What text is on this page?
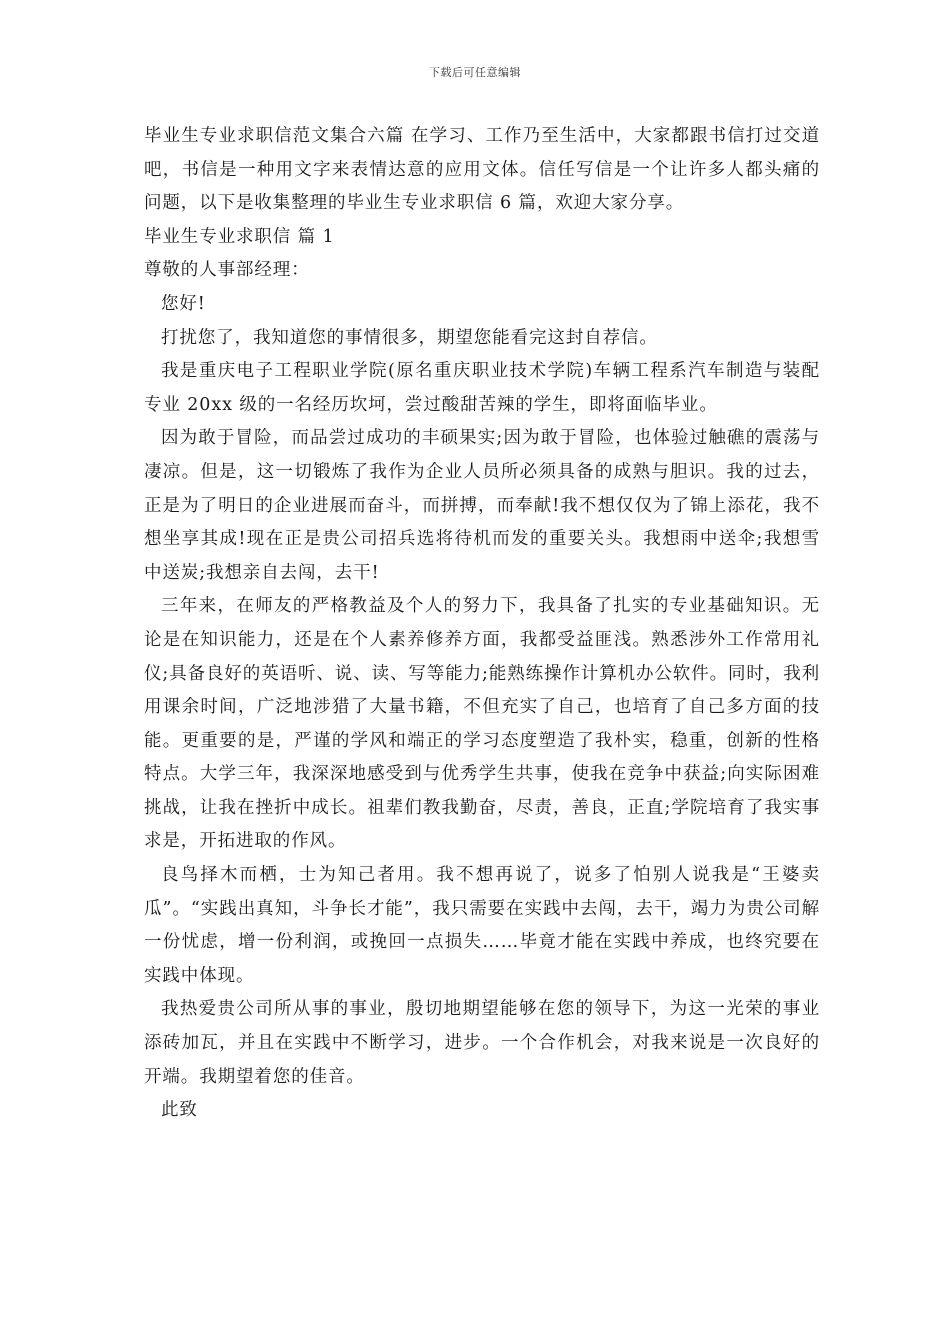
下载后可任意编辑

毕业生专业求职信范文集合六篇 在学习、工作乃至生活中，大家都跟书信打过交道吧，书信是一种用文字来表情达意的应用文体。信任写信是一个让许多人都头痛的问题，以下是收集整理的毕业生专业求职信 6 篇，欢迎大家分享。

毕业生专业求职信 篇 1

尊敬的人事部经理：

您好!

打扰您了，我知道您的事情很多，期望您能看完这封自荐信。

我是重庆电子工程职业学院(原名重庆职业技术学院)车辆工程系汽车制造与装配专业 20xx 级的一名经历坎坷，尝过酸甜苦辣的学生，即将面临毕业。

因为敢于冒险，而品尝过成功的丰硕果实;因为敢于冒险，也体验过触礁的震荡与凄凉。但是，这一切锻炼了我作为企业人员所必须具备的成熟与胆识。我的过去，正是为了明日的企业进展而奋斗，而拼搏，而奉献!我不想仅仅为了锦上添花，我不想坐享其成!现在正是贵公司招兵选将待机而发的重要关头。我想雨中送伞;我想雪中送炭;我想亲自去闯，去干!

三年来，在师友的严格教益及个人的努力下，我具备了扎实的专业基础知识。无论是在知识能力，还是在个人素养修养方面，我都受益匪浅。熟悉涉外工作常用礼仪;具备良好的英语听、说、读、写等能力;能熟练操作计算机办公软件。同时，我利用课余时间，广泛地涉猎了大量书籍，不但充实了自己，也培育了自己多方面的技能。更重要的是，严谨的学风和端正的学习态度塑造了我朴实，稳重，创新的性格特点。大学三年，我深深地感受到与优秀学生共事，使我在竞争中获益;向实际困难挑战，让我在挫折中成长。祖辈们教我勤奋，尽责，善良，正直;学院培育了我实事求是，开拓进取的作风。

良鸟择木而栖，士为知己者用。我不想再说了，说多了怕别人说我是“王婆卖瓜”。“实践出真知，斗争长才能”，我只需要在实践中去闯，去干，竭力为贵公司解一份忧虑，增一份利润，或挽回一点损失……毕竟才能在实践中养成，也终究要在实践中体现。

我热爱贵公司所从事的事业，殷切地期望能够在您的领导下，为这一光荣的事业添砖加瓦，并且在实践中不断学习，进步。一个合作机会，对我来说是一次良好的开端。我期望着您的佳音。

此致
